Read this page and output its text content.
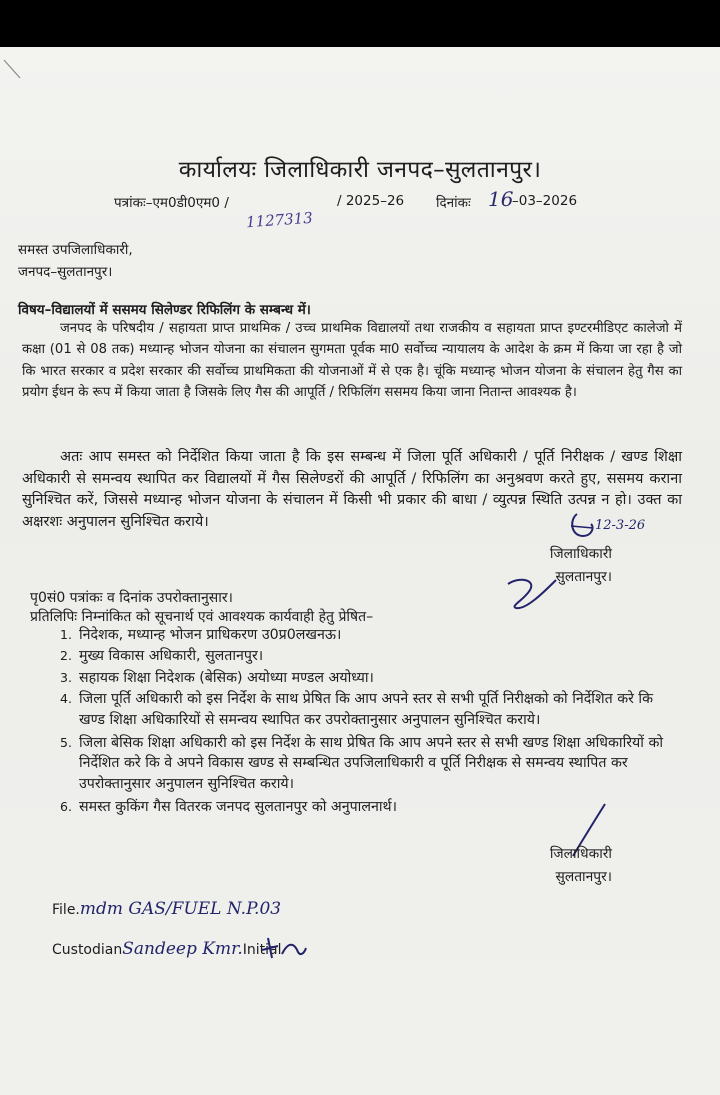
कार्यालयः जिलाधिकारी जनपद–सुलतानपुर।
पत्रांकः–एम0डी0एम0 /	/ 2025–26 दिनांकः 16
–03–2026
1127313
समस्त उपजिलाधिकारी,
जनपद–सुलतानपुर।
विषय–विद्यालयों में ससमय सिलेण्डर रिफिलिंग के सम्बन्ध में।
जनपद के परिषदीय / सहायता प्राप्त प्राथमिक / उच्च प्राथमिक विद्यालयों तथा राजकीय व सहायता प्राप्त इण्टरमीडिएट कालेजो में कक्षा (01 से 08 तक) मध्यान्ह भोजन योजना का संचालन सुगमता पूर्वक मा0 सर्वोच्च न्यायालय के आदेश के क्रम में किया जा रहा है जो कि भारत सरकार व प्रदेश सरकार की सर्वोच्च प्राथमिकता की योजनाओं में से एक है। चूंकि मध्यान्ह भोजन योजना के संचालन हेतु गैस का प्रयोग ईधन के रूप में किया जाता है जिसके लिए गैस की आपूर्ति / रिफिलिंग ससमय किया जाना नितान्त आवश्यक है।
अतः आप समस्त को निर्देशित किया जाता है कि इस सम्बन्ध में जिला पूर्ति अधिकारी / पूर्ति निरीक्षक / खण्ड शिक्षा अधिकारी से समन्वय स्थापित कर विद्यालयों में गैस सिलेण्डरों की आपूर्ति / रिफिलिंग का अनुश्रवण करते हुए, ससमय कराना सुनिश्चित करें, जिससे मध्यान्ह भोजन योजना के संचालन में किसी भी प्रकार की बाधा / व्युत्पन्न स्थिति उत्पन्न न हो। उक्त का अक्षरशः अनुपालन सुनिश्चित कराये।	12-3-26
जिलाधिकारी
सुलतानपुर।
पृ0सं0 पत्रांकः व दिनांक उपरोक्तानुसार।
प्रतिलिपिः निम्नांकित को सूचनार्थ एवं आवश्यक कार्यवाही हेतु प्रेषित–
1. निदेशक, मध्यान्ह भोजन प्राधिकरण उ0प्र0लखनऊ।
2. मुख्य विकास अधिकारी, सुलतानपुर।
3. सहायक शिक्षा निदेशक (बेसिक) अयोध्या मण्डल अयोध्या।
4. जिला पूर्ति अधिकारी को इस निर्देश के साथ प्रेषित कि आप अपने स्तर से सभी पूर्ति निरीक्षको को निर्देशित करे कि खण्ड शिक्षा अधिकारियों से समन्वय स्थापित कर उपरोक्तानुसार अनुपालन सुनिश्चित कराये।
5. जिला बेसिक शिक्षा अधिकारी को इस निर्देश के साथ प्रेषित कि आप अपने स्तर से सभी खण्ड शिक्षा अधिकारियों को निर्देशित करे कि वे अपने विकास खण्ड से सम्बन्धित उपजिलाधिकारी व पूर्ति निरीक्षक से समन्वय स्थापित कर उपरोक्तानुसार अनुपालन सुनिश्चित कराये।
6. समस्त कुकिंग गैस वितरक जनपद सुलतानपुर को अनुपालनार्थ।
जिलाधिकारी
सुलतानपुर।
File.mdm GAS/FUEL N.P.03
CustodianSandeep Kmr.Initial
